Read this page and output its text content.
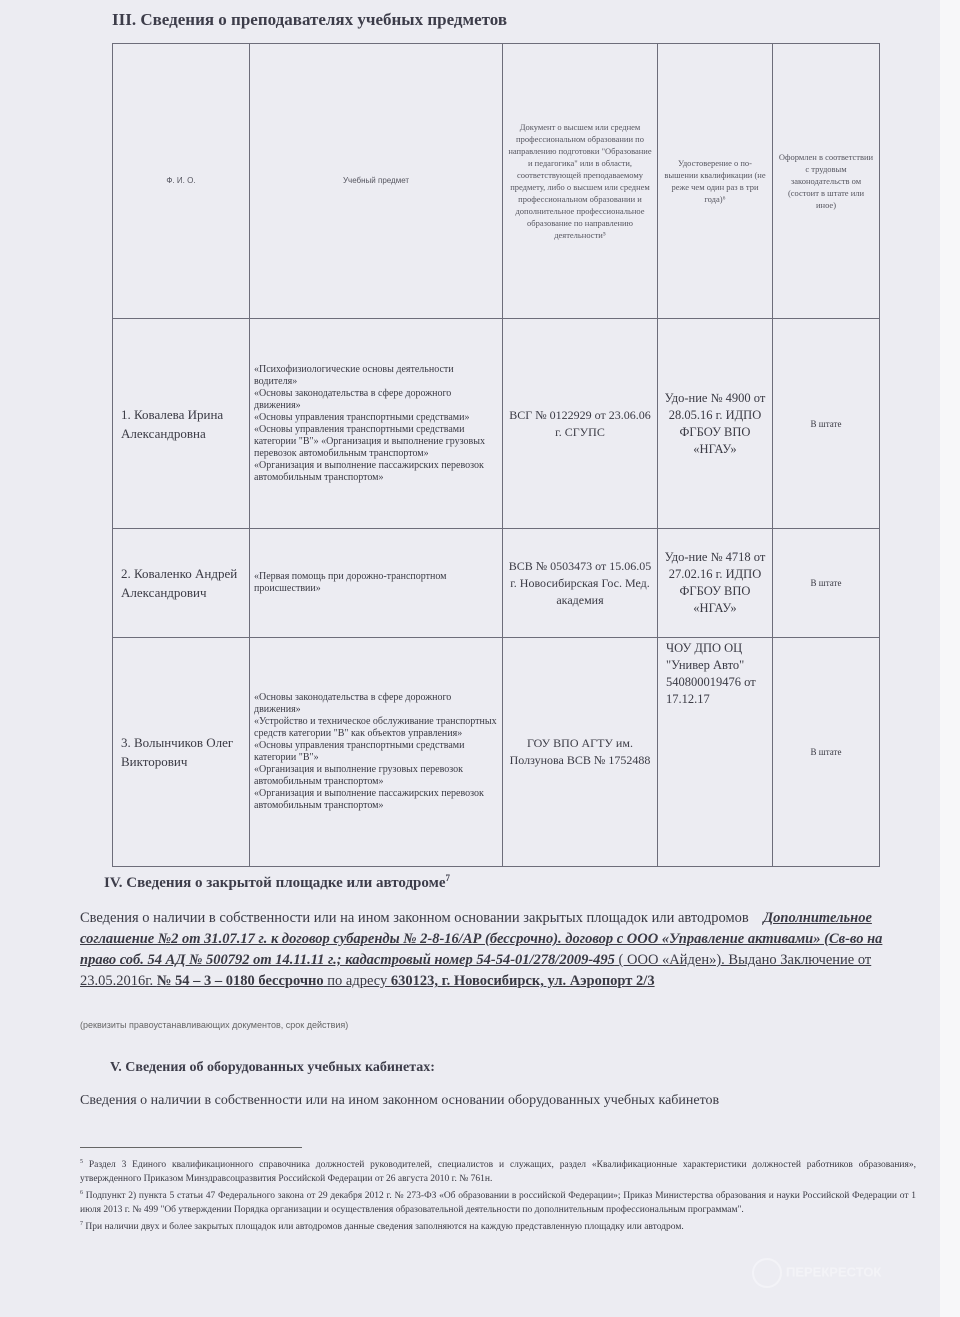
III. Сведения о преподавателях учебных предметов
Ф. И. О.	Учебный предмет	Документ о высшем или среднем профессиональном образовании по направлению подготовки "Образование и педагогика" или в области, соответствующей преподаваемому предмету, либо о высшем или среднем профессиональном образовании и дополнительное профессиональное образование по направлению деятельности⁵	Удостоверение о по-вышении квалификации (не реже чем один раз в три года)⁶	Оформлен в соответствии с трудовым законодательств ом (состоит в штате или иное)
1. Ковалева Ирина Александровна	«Психофизиологические основы деятельности водителя»
«Основы законодательства в сфере дорожного движения»
«Основы управления транспортными средствами» «Основы управления транспортными средствами категории "В"» «Организация и выполнение грузовых перевозок автомобильным транспортом»
«Организация и выполнение пассажирских перевозок автомобильным транспортом»	ВСГ № 0122929 от 23.06.06 г. СГУПС	Удо-ние № 4900 от 28.05.16 г. ИДПО ФГБОУ ВПО «НГАУ»	В штате
2. Коваленко Андрей Александрович	«Первая помощь при дорожно-транспортном происшествии»	ВСВ № 0503473 от 15.06.05 г. Новосибирская Гос. Мед. академия	Удо-ние № 4718 от 27.02.16 г. ИДПО ФГБОУ ВПО «НГАУ»	В штате
3. Волынчиков Олег Викторович	«Основы законодательства в сфере дорожного движения»
«Устройство и техническое обслуживание транспортных средств категории "В" как объектов управления»
«Основы управления транспортными средствами категории "В"»
«Организация и выполнение грузовых перевозок автомобильным транспортом»
«Организация и выполнение пассажирских перевозок автомобильным транспортом»	ГОУ ВПО АГТУ им. Ползунова ВСВ № 1752488	ЧОУ ДПО ОЦ "Универ Авто" 540800019476 от 17.12.17	В штате
IV. Сведения о закрытой площадке или автодроме$^7$
Сведения о наличии в собственности или на ином законном основании закрытых площадок или автодромов Дополнительное соглашение №2 от 31.07.17 г. к договор субаренды № 2-8-16/АР (бессрочно). договор с ООО «Управление активами» (Св-во на право соб. 54 АД № 500792 от 14.11.11 г.; кадастровый номер 54-54-01/278/2009-495 ( ООО «Айден»). Выдано Заключение от 23.05.2016г. № 54 – 3 – 0180 бессрочно по адресу 630123, г. Новосибирск, ул. Аэропорт 2/3
(реквизиты правоустанавливающих документов, срок действия)
V. Сведения об оборудованных учебных кабинетах:
Сведения о наличии в собственности или на ином законном основании оборудованных учебных кабинетов

$^5$ Раздел 3 Единого квалификационного справочника должностей руководителей, специалистов и служащих, раздел «Квалификационные характеристики должностей работников образования», утвержденного Приказом Минздравсоцразвития Российской Федерации от 26 августа 2010 г. № 761н.

$^6$ Подпункт 2) пункта 5 статьи 47 Федерального закона от 29 декабря 2012 г. № 273-ФЗ «Об образовании в российской Федерации»; Приказ Министерства образования и науки Российской Федерации от 1 июля 2013 г. № 499 "Об утверждении Порядка организации и осуществления образовательной деятельности по дополнительным профессиональным программам".

$^7$ При наличии двух и более закрытых площадок или автодромов данные сведения заполняются на каждую представленную площадку или автодром.

ПЕРЕКРЕСТОК
